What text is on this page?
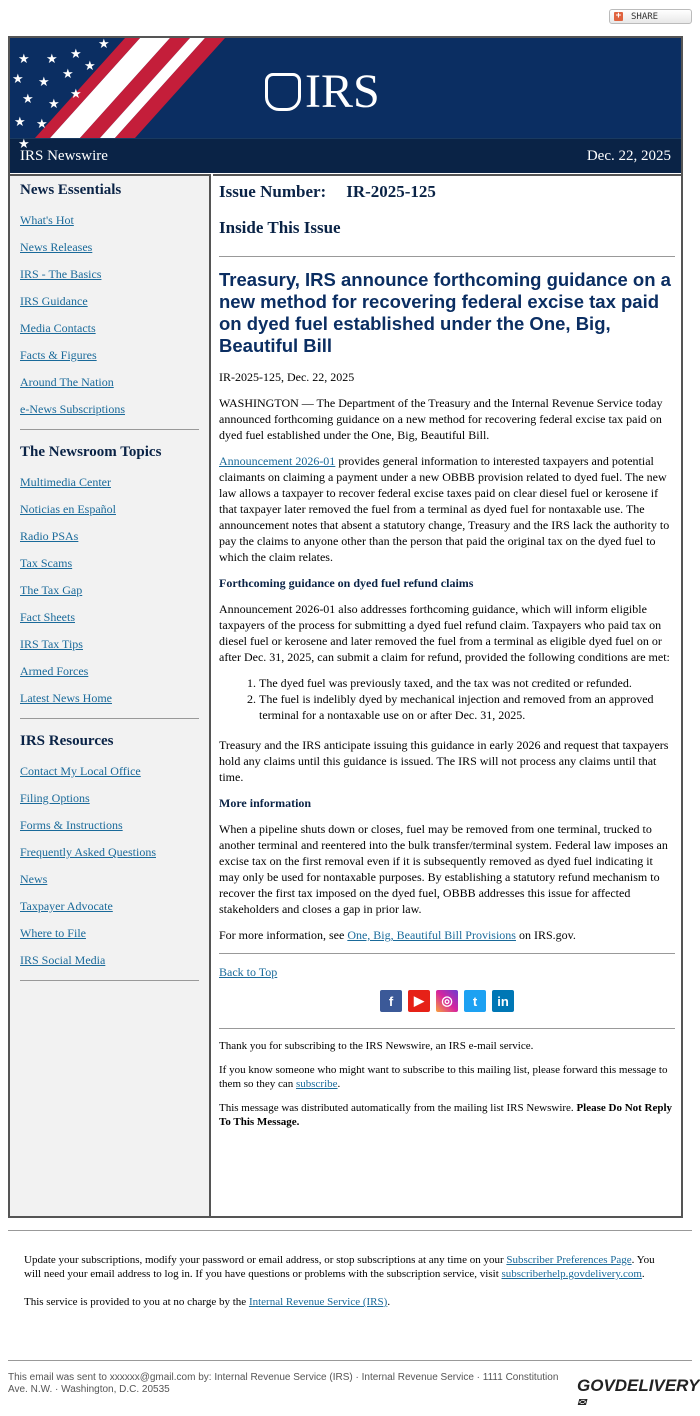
+ SHARE
★ ★ ★
★
★ ★
★
★
★ ★
★
★ ★
★
IRS
IRS Newswire	Dec. 22, 2025
News Essentials
What's Hot
News Releases
IRS - The Basics
IRS Guidance
Media Contacts
Facts & Figures
Around The Nation
e-News Subscriptions
The Newsroom Topics
Multimedia Center
Noticias en Español
Radio PSAs
Tax Scams
The Tax Gap
Fact Sheets
IRS Tax Tips
Armed Forces
Latest News Home
IRS Resources
Contact My Local Office
Filing Options
Forms & Instructions
Frequently Asked Questions
News
Taxpayer Advocate
Where to File
IRS Social Media
Issue Number: IR-2025-125
Inside This Issue
Treasury, IRS announce forthcoming guidance on a new method for recovering federal excise tax paid on dyed fuel established under the One, Big, Beautiful Bill

IR-2025-125, Dec. 22, 2025

WASHINGTON — The Department of the Treasury and the Internal Revenue Service today announced forthcoming guidance on a new method for recovering federal excise tax paid on dyed fuel established under the One, Big, Beautiful Bill.

Announcement 2026-01 provides general information to interested taxpayers and potential claimants on claiming a payment under a new OBBB provision related to dyed fuel. The new law allows a taxpayer to recover federal excise taxes paid on clear diesel fuel or kerosene if that taxpayer later removed the fuel from a terminal as dyed fuel for nontaxable use. The announcement notes that absent a statutory change, Treasury and the IRS lack the authority to pay the claims to anyone other than the person that paid the original tax on the dyed fuel to which the claim relates.

Forthcoming guidance on dyed fuel refund claims

Announcement 2026-01 also addresses forthcoming guidance, which will inform eligible taxpayers of the process for submitting a dyed fuel refund claim. Taxpayers who paid tax on diesel fuel or kerosene and later removed the fuel from a terminal as eligible dyed fuel on or after Dec. 31, 2025, can submit a claim for refund, provided the following conditions are met:

1. The dyed fuel was previously taxed, and the tax was not credited or refunded.
2. The fuel is indelibly dyed by mechanical injection and removed from an approved terminal for a nontaxable use on or after Dec. 31, 2025.

Treasury and the IRS anticipate issuing this guidance in early 2026 and request that taxpayers hold any claims until this guidance is issued. The IRS will not process any claims until that time.

More information

When a pipeline shuts down or closes, fuel may be removed from one terminal, trucked to another terminal and reentered into the bulk transfer/terminal system. Federal law imposes an excise tax on the first removal even if it is subsequently removed as dyed fuel indicating it may only be used for nontaxable purposes. By establishing a statutory refund mechanism to recover the first tax imposed on the dyed fuel, OBBB addresses this issue for affected stakeholders and closes a gap in prior law.

For more information, see One, Big, Beautiful Bill Provisions on IRS.gov.

Back to Top
f	▶	◎	t	in

Thank you for subscribing to the IRS Newswire, an IRS e-mail service.

If you know someone who might want to subscribe to this mailing list, please forward this message to them so they can subscribe.

This message was distributed automatically from the mailing list IRS Newswire. Please Do Not Reply To This Message.

Update your subscriptions, modify your password or email address, or stop subscriptions at any time on your Subscriber Preferences Page. You will need your email address to log in. If you have questions or problems with the subscription service, visit subscriberhelp.govdelivery.com.

This service is provided to you at no charge by the Internal Revenue Service (IRS).

This email was sent to xxxxxx@gmail.com by: Internal Revenue Service (IRS) · Internal Revenue Service · 1111 Constitution Ave. N.W. · Washington, D.C. 20535	GOVDELIVERY✉
